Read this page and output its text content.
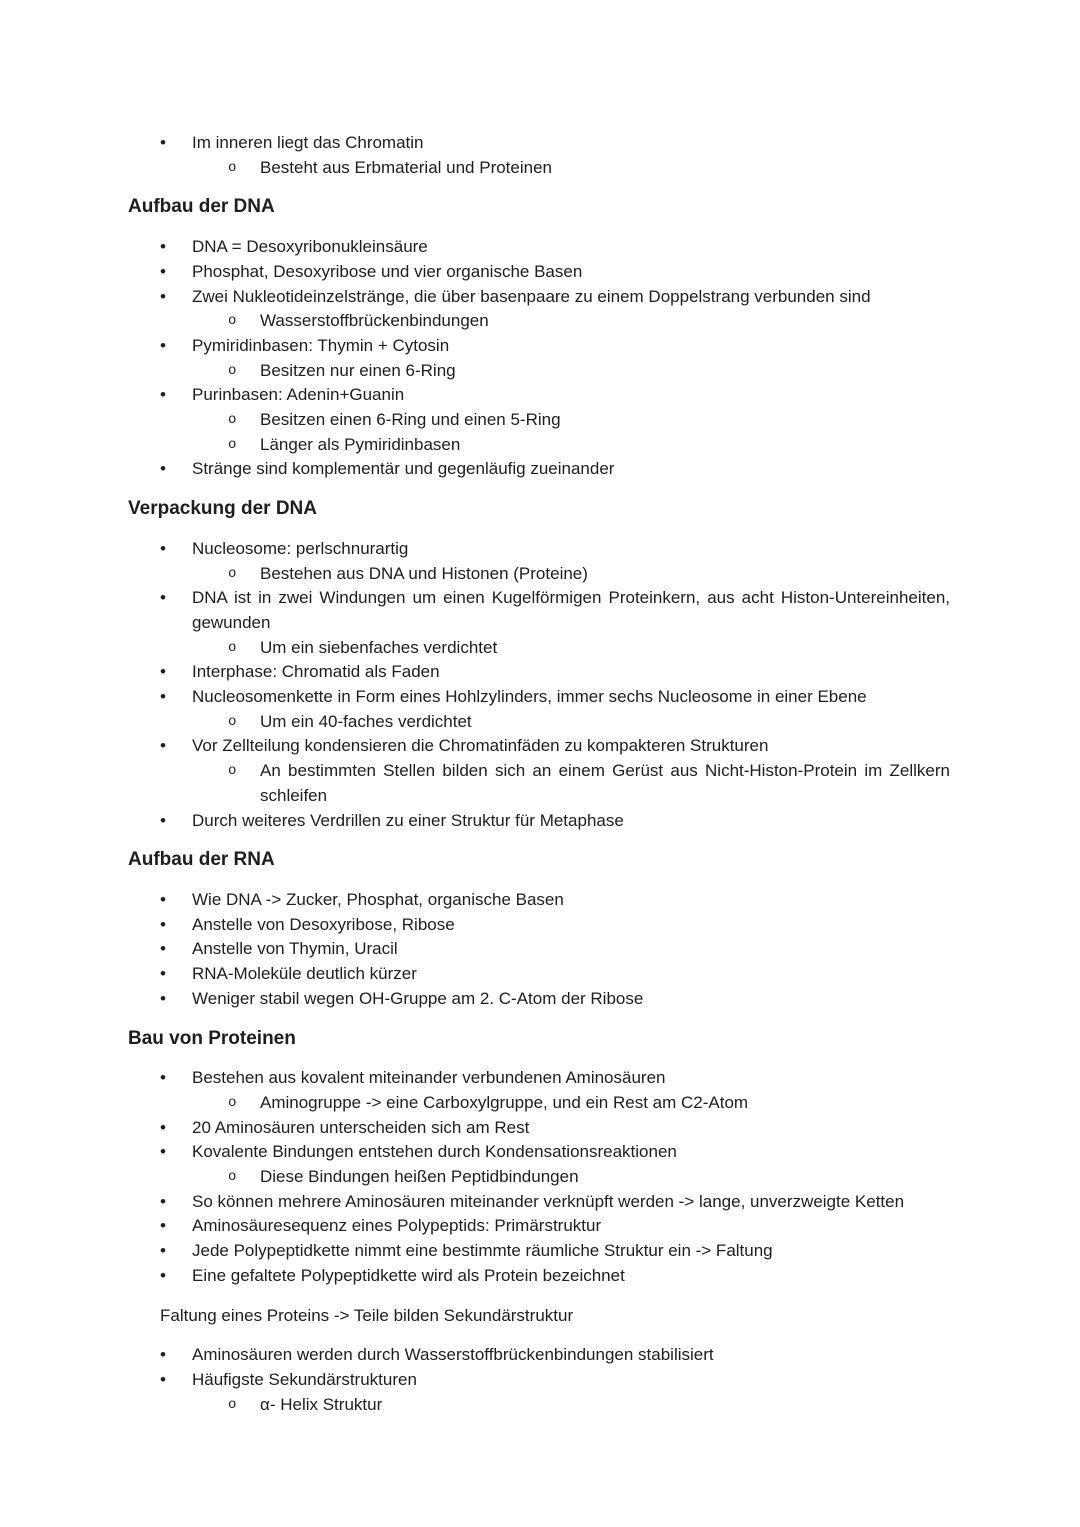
•	Im inneren liegt das Chromatin
o	Besteht aus Erbmaterial und Proteinen
Aufbau der DNA
•	DNA = Desoxyribonukleinsäure
•	Phosphat, Desoxyribose und vier organische Basen
•	Zwei Nukleotideinzelstränge, die über basenpaare zu einem Doppelstrang verbunden sind
o	Wasserstoffbrückenbindungen
•	Pymiridinbasen: Thymin + Cytosin
o	Besitzen nur einen 6-Ring
•	Purinbasen: Adenin+Guanin
o	Besitzen einen 6-Ring und einen 5-Ring
o	Länger als Pymiridinbasen
•	Stränge sind komplementär und gegenläufig zueinander
Verpackung der DNA
•	Nucleosome: perlschnurartig
o	Bestehen aus DNA und Histonen (Proteine)
•	DNA ist in zwei Windungen um einen Kugelförmigen Proteinkern, aus acht Histon-Untereinheiten, gewunden
o	Um ein siebenfaches verdichtet
•	Interphase: Chromatid als Faden
•	Nucleosomenkette in Form eines Hohlzylinders, immer sechs Nucleosome in einer Ebene
o	Um ein 40-faches verdichtet
•	Vor Zellteilung kondensieren die Chromatinfäden zu kompakteren Strukturen
o	An bestimmten Stellen bilden sich an einem Gerüst aus Nicht-Histon-Protein im Zellkern schleifen
•	Durch weiteres Verdrillen zu einer Struktur für Metaphase
Aufbau der RNA
•	Wie DNA -> Zucker, Phosphat, organische Basen
•	Anstelle von Desoxyribose, Ribose
•	Anstelle von Thymin, Uracil
•	RNA-Moleküle deutlich kürzer
•	Weniger stabil wegen OH-Gruppe am 2. C-Atom der Ribose
Bau von Proteinen
•	Bestehen aus kovalent miteinander verbundenen Aminosäuren
o	Aminogruppe -> eine Carboxylgruppe, und ein Rest am C2-Atom
•	20 Aminosäuren unterscheiden sich am Rest
•	Kovalente Bindungen entstehen durch Kondensationsreaktionen
o	Diese Bindungen heißen Peptidbindungen
•	So können mehrere Aminosäuren miteinander verknüpft werden -> lange, unverzweigte Ketten
•	Aminosäuresequenz eines Polypeptids: Primärstruktur
•	Jede Polypeptidkette nimmt eine bestimmte räumliche Struktur ein -> Faltung
•	Eine gefaltete Polypeptidkette wird als Protein bezeichnet

Faltung eines Proteins -> Teile bilden Sekundärstruktur

•	Aminosäuren werden durch Wasserstoffbrückenbindungen stabilisiert
•	Häufigste Sekundärstrukturen
o	α- Helix Struktur
